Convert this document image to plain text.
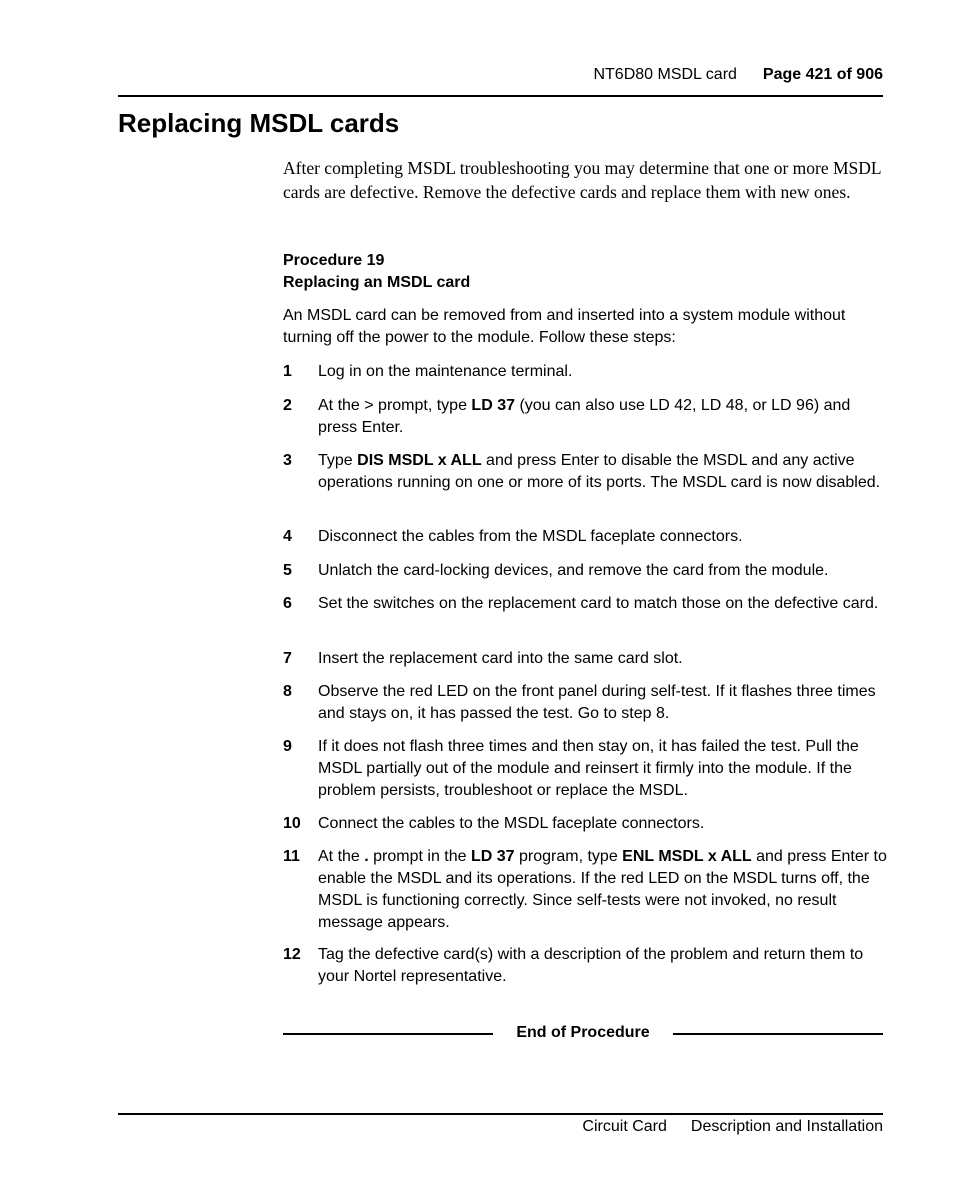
NT6D80 MSDL card Page 421 of 906
Replacing MSDL cards

After completing MSDL troubleshooting you may determine that one or more MSDL cards are defective. Remove the defective cards and replace them with new ones.

Procedure 19
Replacing an MSDL card

An MSDL card can be removed from and inserted into a system module without turning off the power to the module. Follow these steps:

1 Log in on the maintenance terminal.
2 At the > prompt, type LD 37 (you can also use LD 42, LD 48, or LD 96) and press Enter.
3 Type DIS MSDL x ALL and press Enter to disable the MSDL and any active operations running on one or more of its ports. The MSDL card is now disabled.
4 Disconnect the cables from the MSDL faceplate connectors.
5 Unlatch the card-locking devices, and remove the card from the module.
6 Set the switches on the replacement card to match those on the defective card.
7 Insert the replacement card into the same card slot.
8 Observe the red LED on the front panel during self-test. If it flashes three times and stays on, it has passed the test. Go to step 8.
9 If it does not flash three times and then stay on, it has failed the test. Pull the MSDL partially out of the module and reinsert it firmly into the module. If the problem persists, troubleshoot or replace the MSDL.
10 Connect the cables to the MSDL faceplate connectors.
11 At the . prompt in the LD 37 program, type ENL MSDL x ALL and press Enter to enable the MSDL and its operations. If the red LED on the MSDL turns off, the MSDL is functioning correctly. Since self-tests were not invoked, no result message appears.
12 Tag the defective card(s) with a description of the problem and return them to your Nortel representative.
End of Procedure
Circuit Card Description and Installation
